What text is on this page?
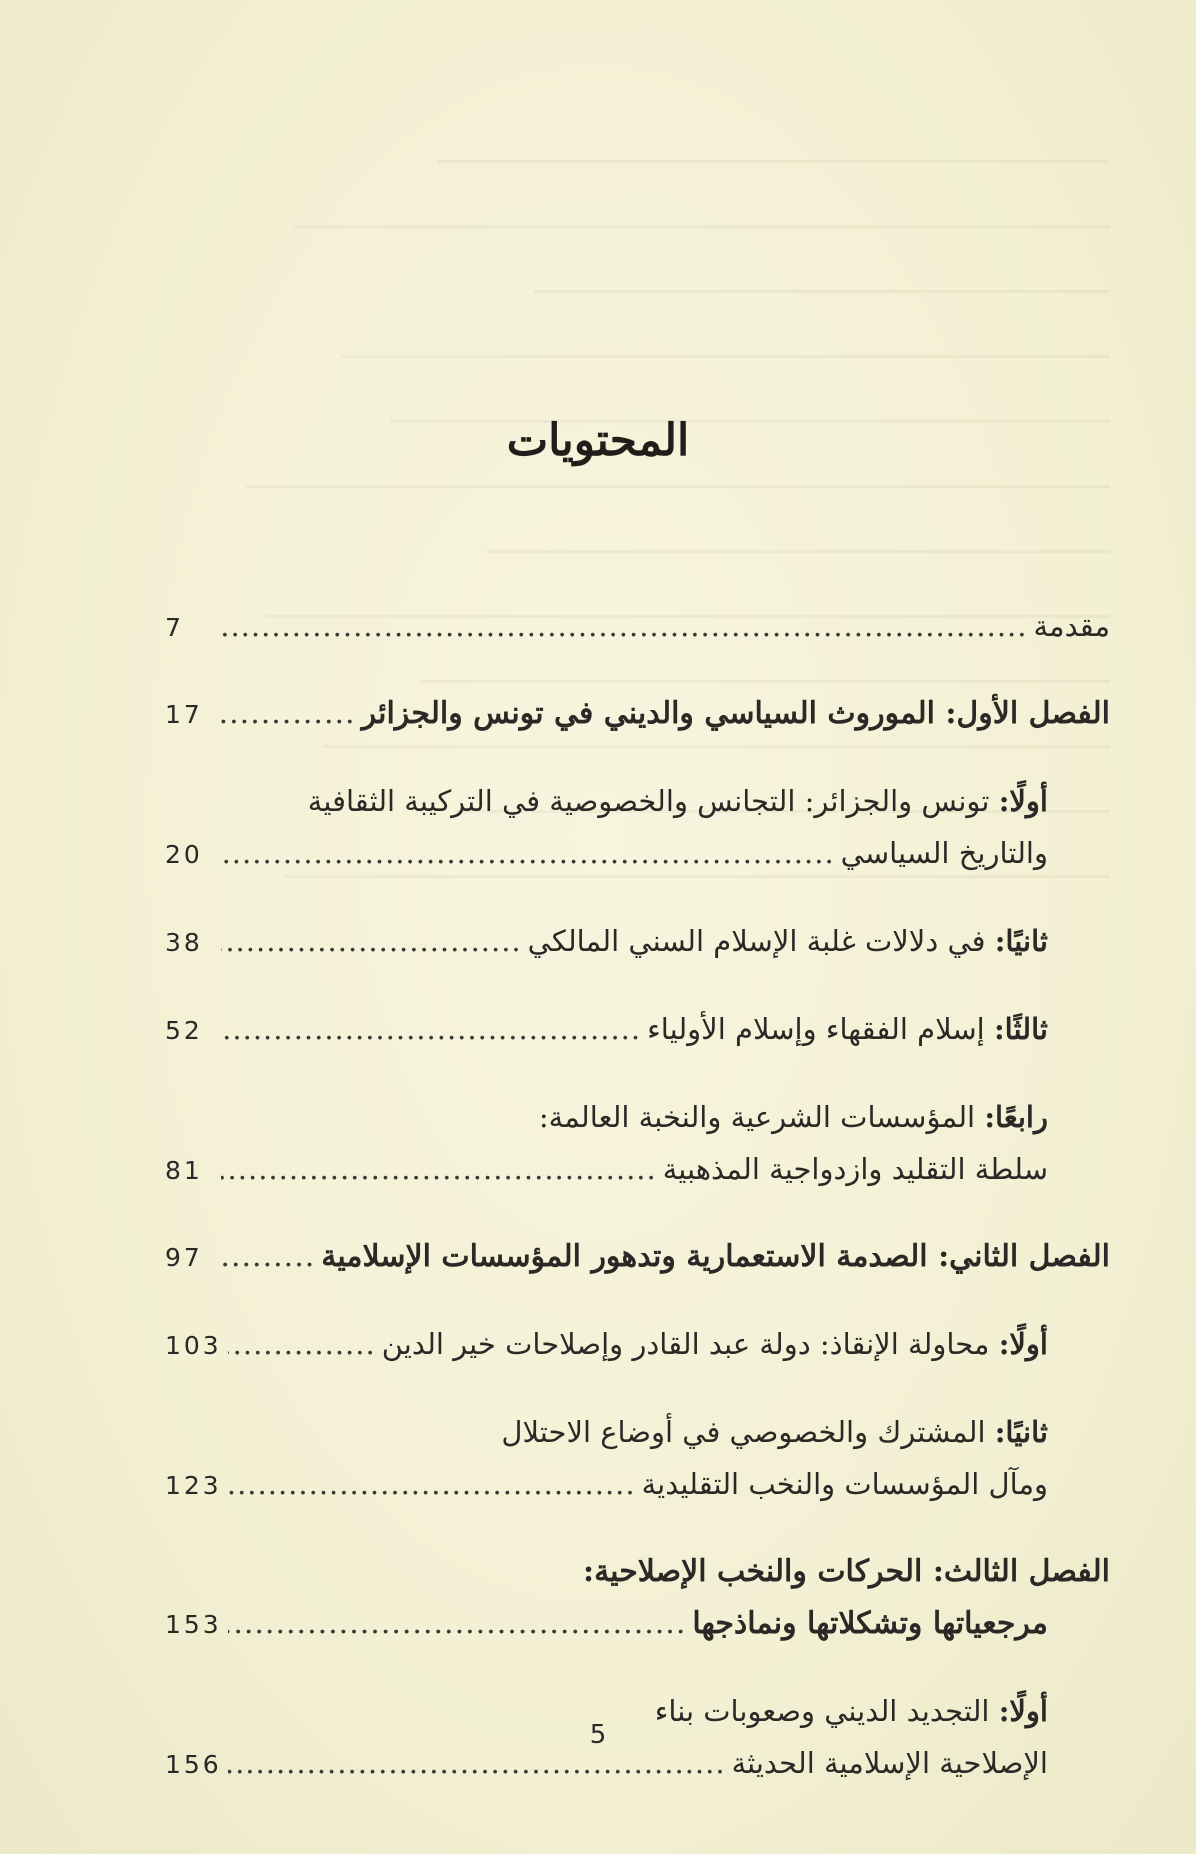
المحتويات
مقدمة
.....
7
الفصل الأول: الموروث السياسي والديني في تونس والجزائر
.....
17
أولًا: تونس والجزائر: التجانس والخصوصية في التركيبة الثقافية
والتاريخ السياسي
.....
20
ثانيًا: في دلالات غلبة الإسلام السني المالكي
.....
38
ثالثًا: إسلام الفقهاء وإسلام الأولياء
.....
52
رابعًا: المؤسسات الشرعية والنخبة العالمة:
سلطة التقليد وازدواجية المذهبية
.....
81
الفصل الثاني: الصدمة الاستعمارية وتدهور المؤسسات الإسلامية
.....
97
أولًا: محاولة الإنقاذ: دولة عبد القادر وإصلاحات خير الدين
.....
103
ثانيًا: المشترك والخصوصي في أوضاع الاحتلال
ومآل المؤسسات والنخب التقليدية
.....
123
الفصل الثالث: الحركات والنخب الإصلاحية:
مرجعياتها وتشكلاتها ونماذجها
.....
153
أولًا: التجديد الديني وصعوبات بناء
الإصلاحية الإسلامية الحديثة
.....
156
5
